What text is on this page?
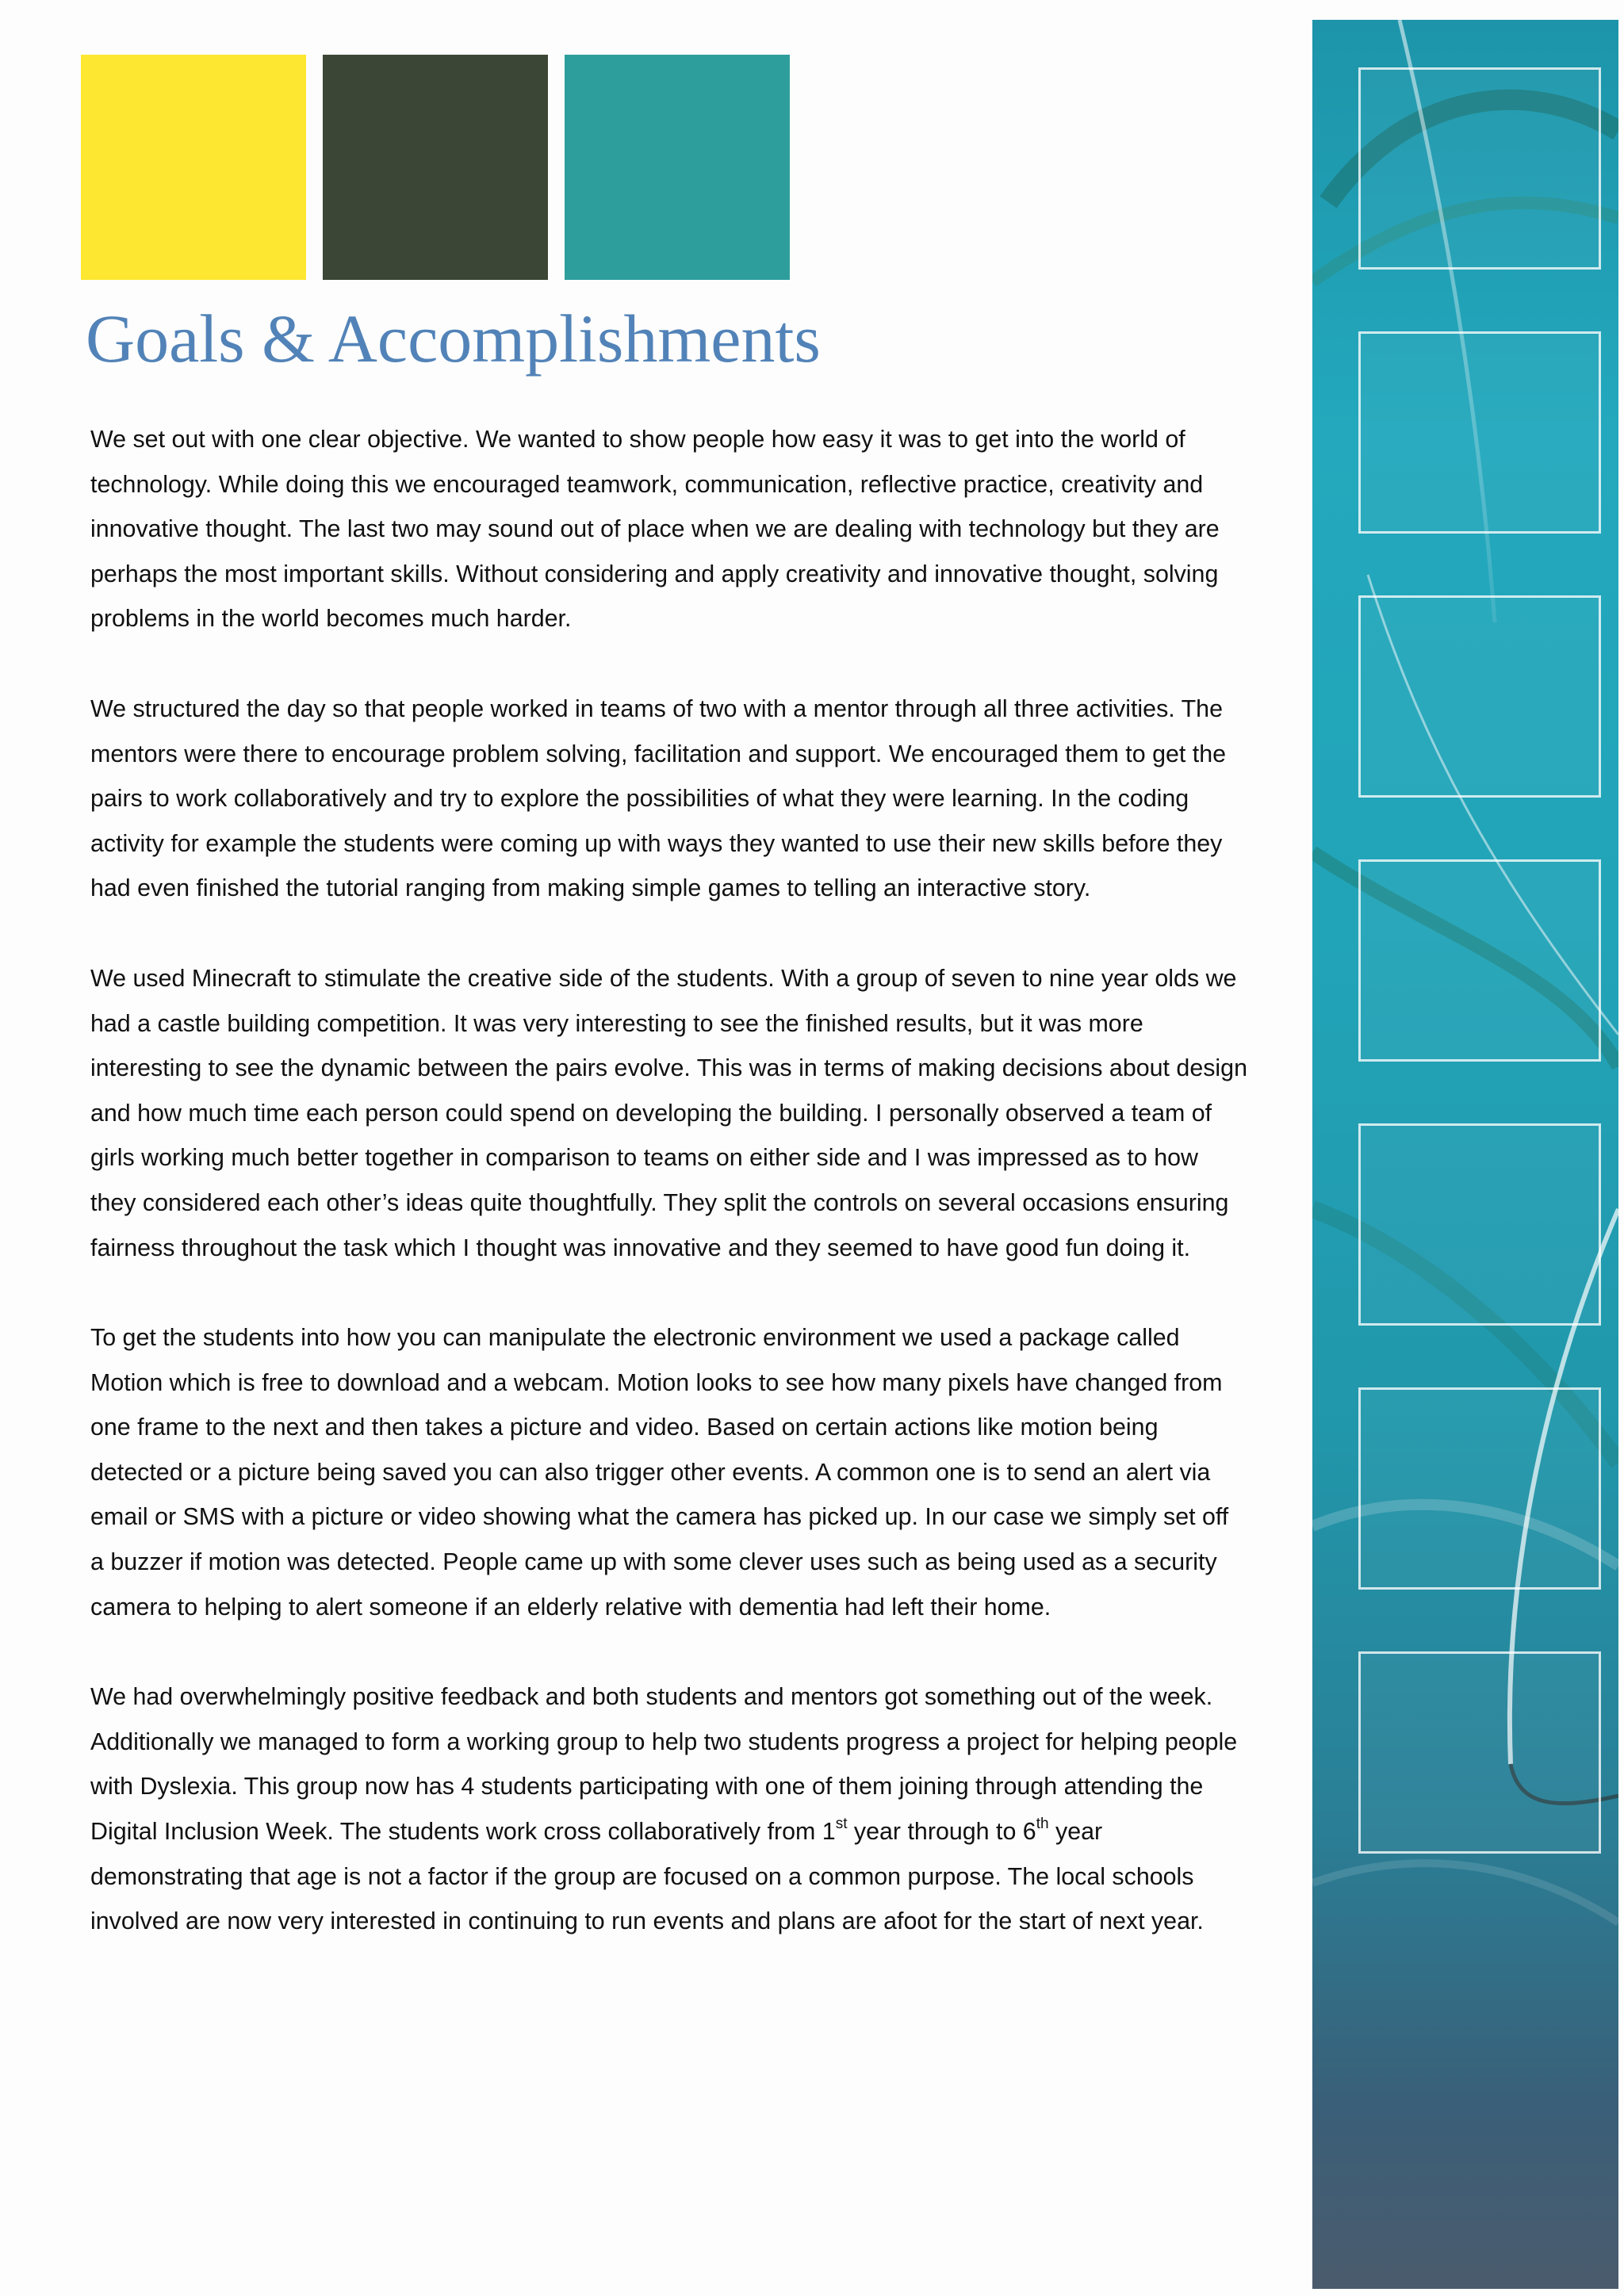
Goals & Accomplishments

We set out with one clear objective. We wanted to show people how easy it was to get into the world of technology. While doing this we encouraged teamwork, communication, reflective practice, creativity and innovative thought. The last two may sound out of place when we are dealing with technology but they are perhaps the most important skills. Without considering and apply creativity and innovative thought, solving problems in the world becomes much harder.

We structured the day so that people worked in teams of two with a mentor through all three activities. The mentors were there to encourage problem solving, facilitation and support. We encouraged them to get the pairs to work collaboratively and try to explore the possibilities of what they were learning. In the coding activity for example the students were coming up with ways they wanted to use their new skills before they had even finished the tutorial ranging from making simple games to telling an interactive story.

We used Minecraft to stimulate the creative side of the students. With a group of seven to nine year olds we had a castle building competition. It was very interesting to see the finished results, but it was more interesting to see the dynamic between the pairs evolve. This was in terms of making decisions about design and how much time each person could spend on developing the building. I personally observed a team of girls working much better together in comparison to teams on either side and I was impressed as to how they considered each other’s ideas quite thoughtfully. They split the controls on several occasions ensuring fairness throughout the task which I thought was innovative and they seemed to have good fun doing it.

To get the students into how you can manipulate the electronic environment we used a package called Motion which is free to download and a webcam. Motion looks to see how many pixels have changed from one frame to the next and then takes a picture and video. Based on certain actions like motion being detected or a picture being saved you can also trigger other events. A common one is to send an alert via email or SMS with a picture or video showing what the camera has picked up. In our case we simply set off a buzzer if motion was detected. People came up with some clever uses such as being used as a security camera to helping to alert someone if an elderly relative with dementia had left their home.

We had overwhelmingly positive feedback and both students and mentors got something out of the week. Additionally we managed to form a working group to help two students progress a project for helping people with Dyslexia. This group now has 4 students participating with one of them joining through attending the Digital Inclusion Week. The students work cross collaboratively from 1st year through to 6th year demonstrating that age is not a factor if the group are focused on a common purpose. The local schools involved are now very interested in continuing to run events and plans are afoot for the start of next year.
